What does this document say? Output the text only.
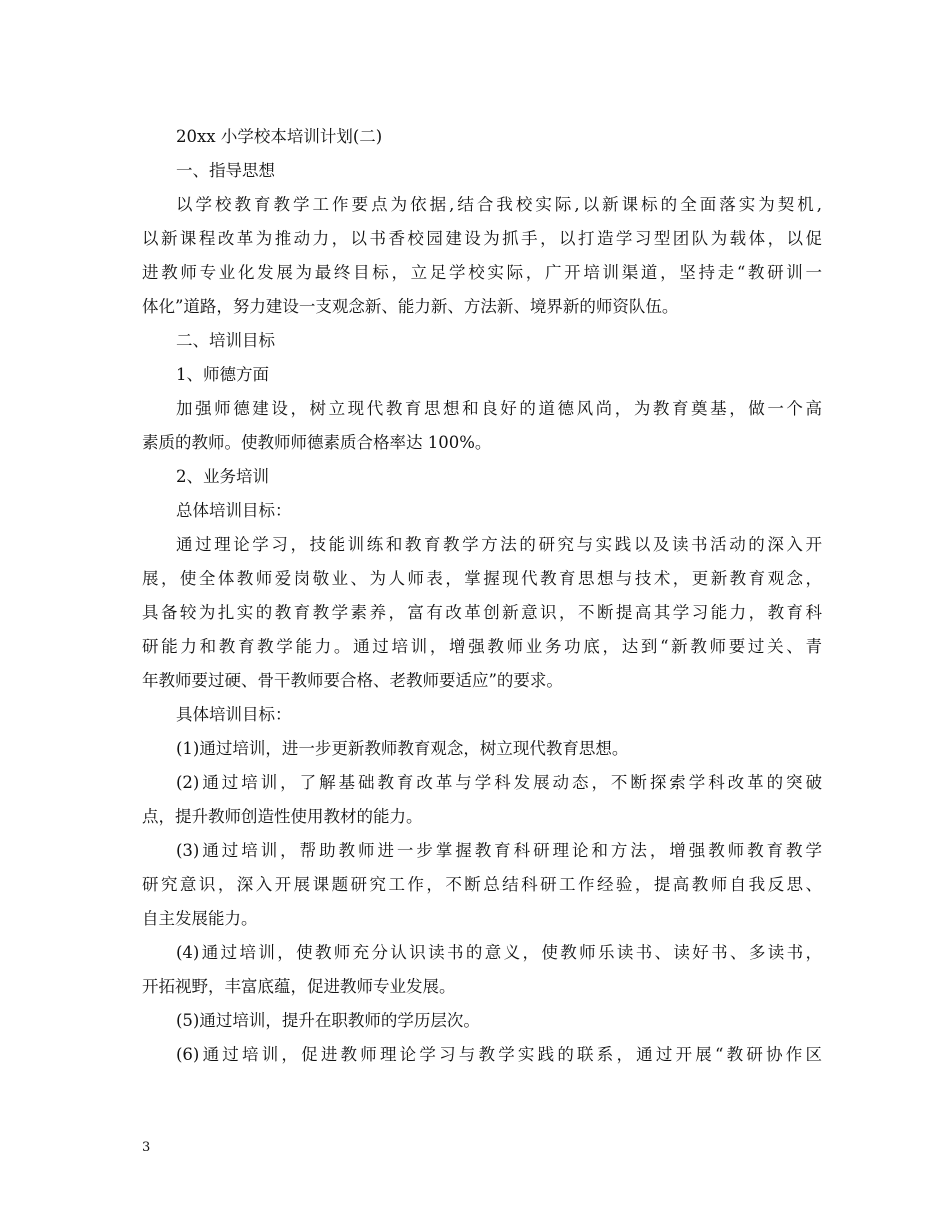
20xx 小学校本培训计划(二)
一、指导思想
以学校教育教学工作要点为依据,结合我校实际,以新课标的全面落实为契机,
以新课程改革为推动力，以书香校园建设为抓手，以打造学习型团队为载体，以促
进教师专业化发展为最终目标，立足学校实际，广开培训渠道，坚持走“教研训一
体化”道路，努力建设一支观念新、能力新、方法新、境界新的师资队伍。
二、培训目标
1、师德方面
加强师德建设，树立现代教育思想和良好的道德风尚，为教育奠基，做一个高
素质的教师。使教师师德素质合格率达 100%。
2、业务培训
总体培训目标：
通过理论学习，技能训练和教育教学方法的研究与实践以及读书活动的深入开
展，使全体教师爱岗敬业、为人师表，掌握现代教育思想与技术，更新教育观念，
具备较为扎实的教育教学素养，富有改革创新意识，不断提高其学习能力，教育科
研能力和教育教学能力。通过培训，增强教师业务功底，达到“新教师要过关、青
年教师要过硬、骨干教师要合格、老教师要适应”的要求。
具体培训目标：
(1)通过培训，进一步更新教师教育观念，树立现代教育思想。
(2)通过培训，了解基础教育改革与学科发展动态，不断探索学科改革的突破
点，提升教师创造性使用教材的能力。
(3)通过培训，帮助教师进一步掌握教育科研理论和方法，增强教师教育教学
研究意识，深入开展课题研究工作，不断总结科研工作经验，提高教师自我反思、
自主发展能力。
(4)通过培训，使教师充分认识读书的意义，使教师乐读书、读好书、多读书，
开拓视野，丰富底蕴，促进教师专业发展。
(5)通过培训，提升在职教师的学历层次。
(6)通过培训，促进教师理论学习与教学实践的联系，通过开展“教研协作区
3
